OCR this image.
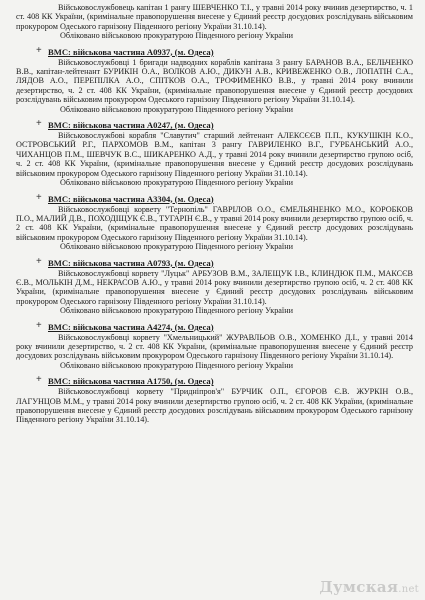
Військовослужбовець капітан 1 рангу ШЕВЧЕНКО Т.І., у травні 2014 року вчинив дезертирство, ч. 1 ст. 408 КК України, (кримінальне правопорушення внесене у Єдиний реєстр досудових розслідувань військовим прокурором Одеського гарнізону Південного регіону України 31.10.14).

Обліковано військовою прокуратурою Південного регіону України

+ ВМС: військова частина А0937, (м. Одеса)

Військовослужбовці 1 бригади надводних кораблів капітана 3 рангу БАРАНОВ В.А., БЕЛЬЧЕНКО В.В., капітан-лейтенант БУРИКІН О.А., ВОЛКОВ А.Ю., ДИКУН А.В., КРИВЕЖЕНКО О.В., ЛОПАТІН С.А., ЛЯДОВ А.О., ПЕРЕПІЛКА А.О., СПІТКОВ О.А., ТРОФИМЕНКО В.В., у травні 2014 року вчинили дезертирство, ч. 2 ст. 408 КК України, (кримінальне правопорушення внесене у Єдиний реєстр досудових розслідувань військовим прокурором Одеського гарнізону Південного регіону України 31.10.14).

Обліковано військовою прокуратурою Південного регіону України

+ ВМС: військова частина А0247, (м. Одеса)

Військовослужбові корабля "Славутич" старший лейтенант АЛЕКСЄЄВ П.П., КУКУШКІН К.О., ОСТРОВСЬКИЙ Р.Г., ПАРХОМОВ В.М., капітан 3 рангу ГАВРИЛЕНКО В.Г., ГУРБАНСЬКИЙ А.О., ЧИХАНЦОВ П.М., ШЕВЧУК В.С., ШИКАРЕНКО А.Д., у травні 2014 року вчинили дезертирство групою осіб, ч. 2 ст. 408 КК України, (кримінальне правопорушення внесене у Єдиний реєстр досудових розслідувань військовим прокурором Одеського гарнізону Південного регіону України 31.10.14).

Обліковано військовою прокуратурою Південного регіону України

+ ВМС: військова частина А3304, (м. Одеса)

Військовослужбовці корвету "Тернопіль" ГАВРІЛОВ О.О., ЄМЕЛЬЯНЕНКО М.О., КОРОБКОВ П.О., МАЛИЙ Д.В., ПОХОДІЩУК Є.В., ТУГАРІН Є.В., у травні 2014 року вчинили дезертирство групою осіб, ч. 2 ст. 408 КК України, (кримінальне правопорушення внесене у Єдиний реєстр досудових розслідувань військовим прокурором Одеського гарнізону Південного регіону України 31.10.14).

Обліковано військовою прокуратурою Південного регіону України

+ ВМС: військова частина А0793, (м. Одеса)

Військовослужбовці корвету "Луцьк" АРБУЗОВ В.М., ЗАЛЕЩУК І.В., КЛИНДЮК П.М., МАКСЄВ Є.В., МОЛЬКІН Д.М., НЕКРАСОВ А.Ю., у травні 2014 року вчинили дезертирство групою осіб, ч. 2 ст. 408 КК України, (кримінальне правопорушення внесене у Єдиний реєстр досудових розслідувань військовим прокурором Одеського гарнізону Південного регіону України 31.10.14).

Обліковано військовою прокуратурою Південного регіону України

+ ВМС: військова частина А4274, (м. Одеса)

Військовослужбовці корвету "Хмельницький" ЖУРАВЛЬОВ О.В., ХОМЕНКО Д.І., у травні 2014 року вчинили дезертирство, ч. 2 ст. 408 КК України, (кримінальне правопорушення внесене у Єдиний реєстр досудових розслідувань військовим прокурором Одеського гарнізону Південного регіону України 31.10.14).

Обліковано військовою прокуратурою Південного регіону України

+ ВМС: військова частина А1750, (м. Одеса)

Військовослужбовці корвету "Придніпров'я" БУРЧИК О.П., ЄГОРОВ Є.В. ЖУРКІН О.В., ЛАГУНЦОВ М.М., у травні 2014 року вчинили дезертирство групою осіб, ч. 2 ст. 408 КК України, (кримінальне правопорушення внесене у Єдиний реєстр досудових розслідувань військовим прокурором Одеського гарнізону Південного регіону України 31.10.14).

Думская.net
